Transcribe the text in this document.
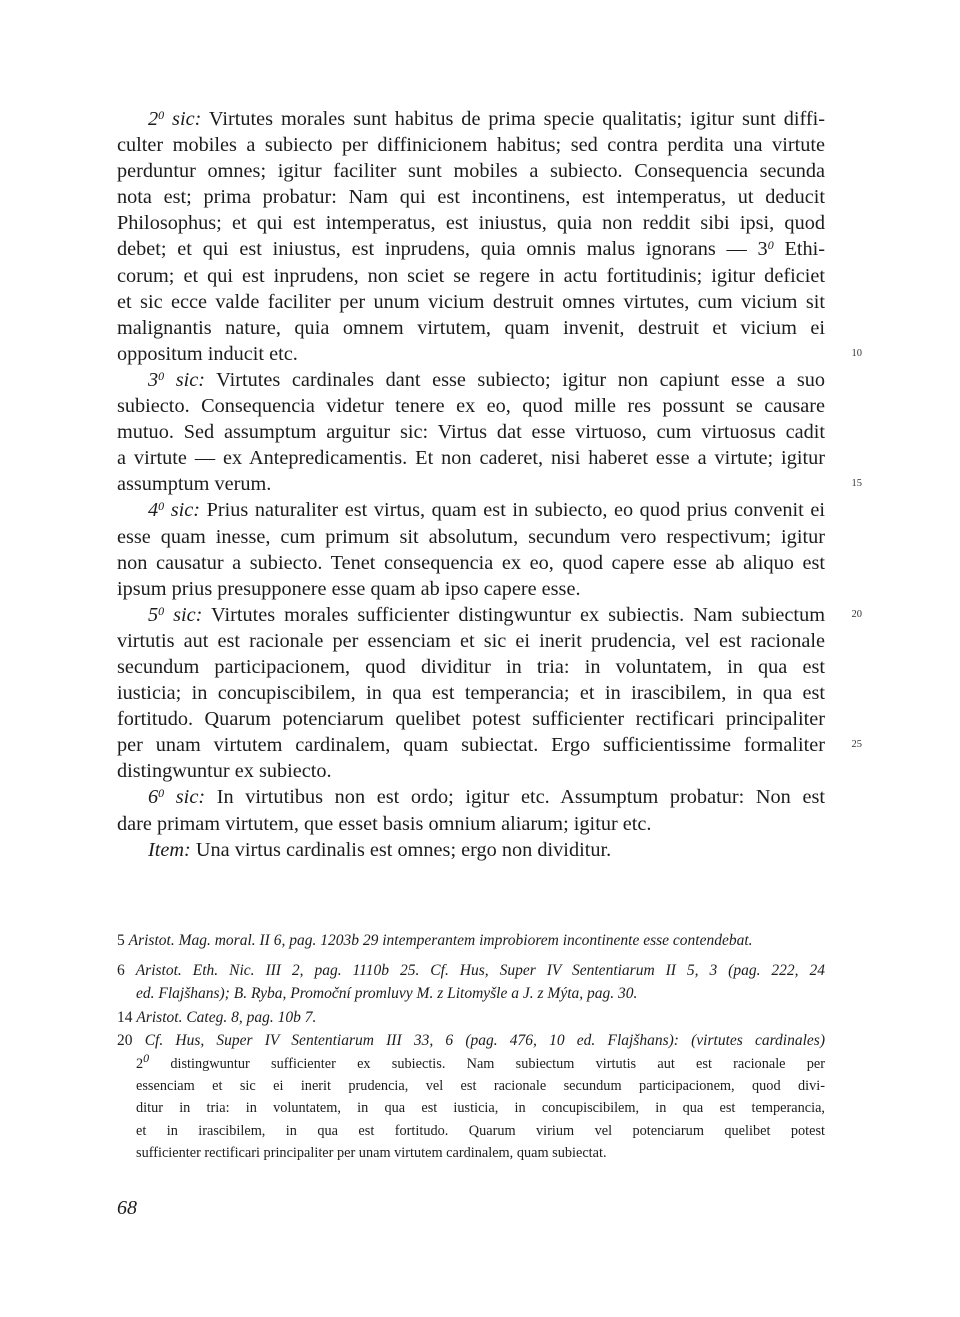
$2^0$ sic: Virtutes morales sunt habitus de prima specie qualitatis; igitur sunt diffi-
culter mobiles a subiecto per diffinicionem habitus; sed contra perdita una virtute
perduntur omnes; igitur faciliter sunt mobiles a subiecto. Consequencia secunda
nota est; prima probatur: Nam qui est incontinens, est intemperatus, ut deducit
Philosophus; et qui est intemperatus, est iniustus, quia non reddit sibi ipsi, quod
debet; et qui est iniustus, est inprudens, quia omnis malus ignorans — $3^0$ Ethi-
corum; et qui est inprudens, non sciet se regere in actu fortitudinis; igitur deficiet
et sic ecce valde faciliter per unum vicium destruit omnes virtutes, cum vicium sit
malignantis nature, quia omnem virtutem, quam invenit, destruit et vicium ei
oppositum inducit etc.	10
$3^0$ sic: Virtutes cardinales dant esse subiecto; igitur non capiunt esse a suo
subiecto. Consequencia videtur tenere ex eo, quod mille res possunt se causare
mutuo. Sed assumptum arguitur sic: Virtus dat esse virtuoso, cum virtuosus cadit
a virtute — ex Antepredicamentis. Et non caderet, nisi haberet esse a virtute; igitur
assumptum verum.	15
$4^0$ sic: Prius naturaliter est virtus, quam est in subiecto, eo quod prius convenit ei
esse quam inesse, cum primum sit absolutum, secundum vero respectivum; igitur
non causatur a subiecto. Tenet consequencia ex eo, quod capere esse ab aliquo est
ipsum prius presupponere esse quam ab ipso capere esse.
$5^0$ sic: Virtutes morales sufficienter distingwuntur ex subiectis. Nam subiectum	20
virtutis aut est racionale per essenciam et sic ei inerit prudencia, vel est racionale
secundum participacionem, quod dividitur in tria: in voluntatem, in qua est
iusticia; in concupiscibilem, in qua est temperancia; et in irascibilem, in qua est
fortitudo. Quarum potenciarum quelibet potest sufficienter rectificari principaliter
per unam virtutem cardinalem, quam subiectat. Ergo sufficientissime formaliter	25
distingwuntur ex subiecto.
$6^0$ sic: In virtutibus non est ordo; igitur etc. Assumptum probatur: Non est
dare primam virtutem, que esset basis omnium aliarum; igitur etc.
Item: Una virtus cardinalis est omnes; ergo non dividitur.
5 Aristot. Mag. moral. II 6, pag. 1203b 29 intemperantem improbiorem incontinente esse contendebat.
6 Aristot. Eth. Nic. III 2, pag. 1110b 25. Cf. Hus, Super IV Sententiarum II 5, 3 (pag. 222, 24
ed. Flajšhans); B. Ryba, Promoční promluvy M. z Litomyšle a J. z Mýta, pag. 30.
14 Aristot. Categ. 8, pag. 10b 7.
20 Cf. Hus, Super IV Sententiarum III 33, 6 (pag. 476, 10 ed. Flajšhans): (virtutes cardinales)
$2^0$ distingwuntur sufficienter ex subiectis. Nam subiectum virtutis aut est racionale per
essenciam et sic ei inerit prudencia, vel est racionale secundum participacionem, quod divi-
ditur in tria: in voluntatem, in qua est iusticia, in concupiscibilem, in qua est temperancia,
et in irascibilem, in qua est fortitudo. Quarum virium vel potenciarum quelibet potest
sufficienter rectificari principaliter per unam virtutem cardinalem, quam subiectat.
68
